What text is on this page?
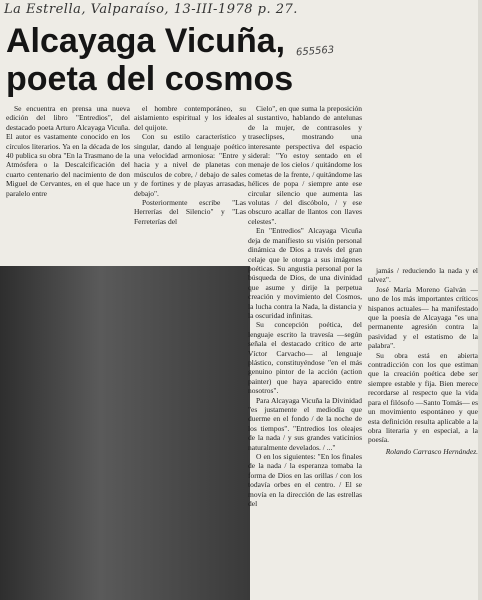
La Estrella, Valparaíso, 13-III-1978 p. 27.
Alcayaga Vicuña,
poeta del cosmos
655563

Se encuentra en prensa una nueva edición del libro "Entredios", del destacado poeta Arturo Alcayaga Vicuña. El autor es vastamente conocido en los círculos literarios. Ya en la década de los 40 publica su obra "En la Trasmano de la Atmósfera o la Descalcificación del cuarto centenario del nacimiento de don Miguel de Cervantes, en el que hace un paralelo entre

el hombre contemporáneo, su aislamiento espiritual y los ideales del quijote.

Con su estilo característico y singular, dando al lenguaje poético una velocidad armoniosa: "Entre y hacia y a nivel de planetas con músculos de cobre, / debajo de sales y de fortines y de playas arrasadas, debajo".

Posteriormente escribe "Las Herrerías del Silencio" y "Las Ferreterías del

Cielo", en que suma la preposición al sustantivo, hablando de antelunas de la mujer, de contrasoles y traseclipses, mostrando una interesante perspectiva del espacio sideral: "Yo estoy sentado en el menaje de los cielos / quitándome los cometas de la frente, / quitándome las hélices de popa / siempre ante ese circular silencio que aumenta las volutas / del discóbolo, / y ese obscuro acallar de llantos con llaves celestes".

En "Entredios" Alcayaga Vicuña deja de manifiesto su visión personal dinámica de Dios a través del gran celaje que le otorga a sus imágenes poéticas. Su angustia personal por la búsqueda de Dios, de una divinidad que asume y dirije la perpetua creación y movimiento del Cosmos, la lucha contra la Nada, la distancia y la oscuridad infinitas.

Su concepción poética, del lenguaje escrito la travesía —según señala el destacado crítico de arte Víctor Carvacho— al lenguaje plástico, constituyéndose "en el más genuino pintor de la acción (action painter) que haya aparecido entre nosotros".

Para Alcayaga Vicuña la Divinidad "es justamente el mediodía que duerme en el fondo / de la noche de los tiempos". "Entredios los oleajes de la nada / y sus grandes vaticinios naturalmente develados. / ..."

O en los siguientes: "En los finales de la nada / la esperanza tomaba la forma de Dios en las orillas / con los todavía orbes en el centro. / El se movía en la dirección de las estrellas del

jamás / reduciendo la nada y el talvez".

José María Moreno Galván —uno de los más importantes críticos hispanos actuales— ha manifestado que la poesía de Alcayaga "es una permanente agresión contra la pasividad y el estatismo de la palabra".

Su obra está en abierta contradicción con los que estiman que la creación poética debe ser siempre estable y fija. Bien merece recordarse al respecto que la vida para el filósofo —Santo Tomás— es un movimiento espontáneo y que esta definición resulta aplicable a la obra literaria y en especial, a la poesía.

Rolando Carrasco Hernández.
